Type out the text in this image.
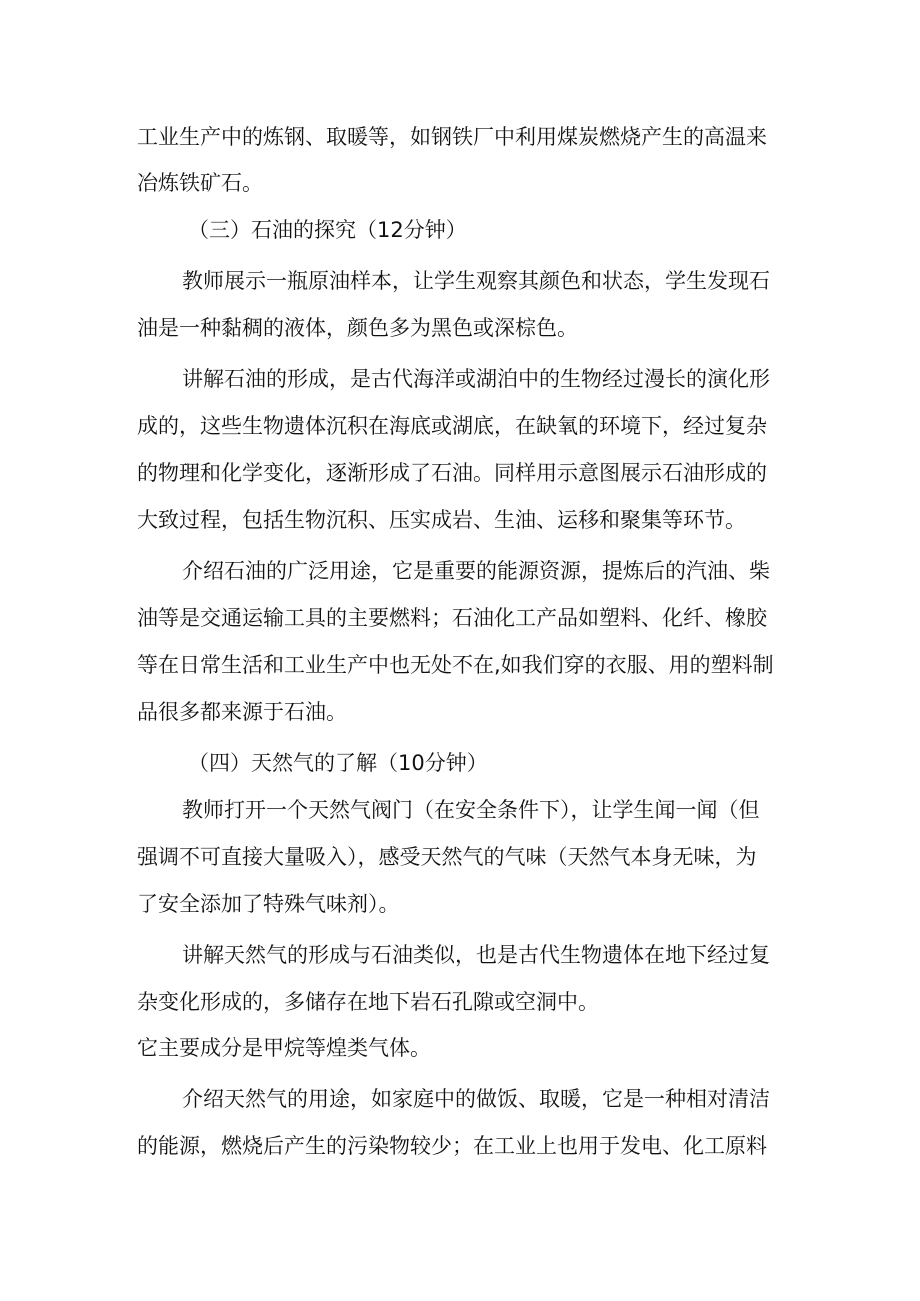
工业生产中的炼钢、取暖等，如钢铁厂中利用煤炭燃烧产生的高温来
冶炼铁矿石。
（三）石油的探究（12分钟）
教师展示一瓶原油样本，让学生观察其颜色和状态，学生发现石
油是一种黏稠的液体，颜色多为黑色或深棕色。
讲解石油的形成，是古代海洋或湖泊中的生物经过漫长的演化形
成的，这些生物遗体沉积在海底或湖底，在缺氧的环境下，经过复杂
的物理和化学变化，逐渐形成了石油。同样用示意图展示石油形成的
大致过程，包括生物沉积、压实成岩、生油、运移和聚集等环节。
介绍石油的广泛用途，它是重要的能源资源，提炼后的汽油、柴
油等是交通运输工具的主要燃料；石油化工产品如塑料、化纤、橡胶
等在日常生活和工业生产中也无处不在,如我们穿的衣服、用的塑料制
品很多都来源于石油。
（四）天然气的了解（10分钟）
教师打开一个天然气阀门（在安全条件下），让学生闻一闻（但
强调不可直接大量吸入），感受天然气的气味（天然气本身无味，为
了安全添加了特殊气味剂）。
讲解天然气的形成与石油类似，也是古代生物遗体在地下经过复
杂变化形成的，多储存在地下岩石孔隙或空洞中。
它主要成分是甲烷等煌类气体。
介绍天然气的用途，如家庭中的做饭、取暖，它是一种相对清洁
的能源，燃烧后产生的污染物较少；在工业上也用于发电、化工原料
